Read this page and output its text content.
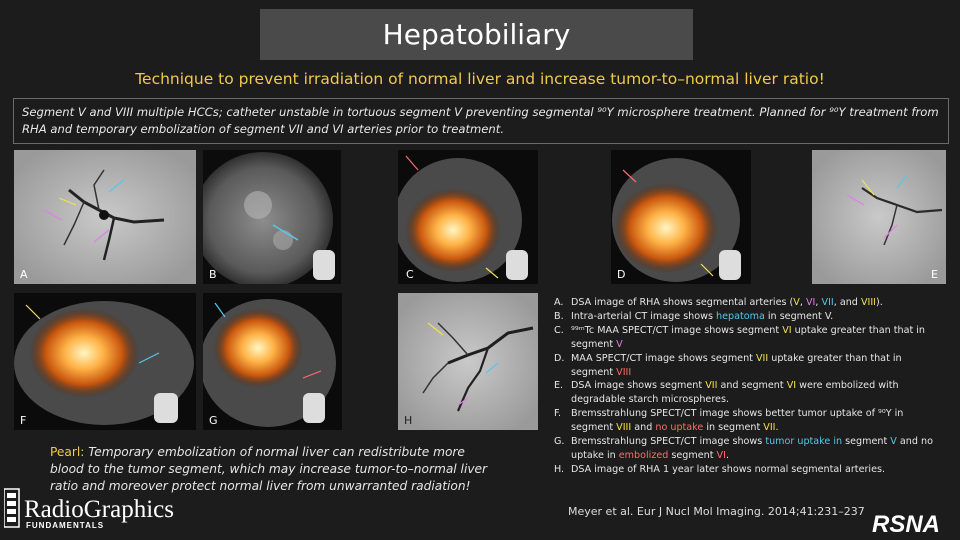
Hepatobiliary
Technique to prevent irradiation of normal liver and increase tumor-to–normal liver ratio!
Segment V and VIII multiple HCCs; catheter unstable in tortuous segment V preventing segmental ⁹⁰Y microsphere treatment. Planned for ⁹⁰Y treatment from RHA and temporary embolization of segment VII and VI arteries prior to treatment.
A	B	C	D	E
F	G	H
Pearl: Temporary embolization of normal liver can redistribute more blood to the tumor segment, which may increase tumor-to–normal liver ratio and moreover protect normal liver from unwarranted radiation!
A. DSA image of RHA shows segmental arteries (V, VI, VII, and VIII).
B. Intra-arterial CT image shows hepatoma in segment V.
C. ⁹⁹ᵐTc MAA SPECT/CT image shows segment VI uptake greater than that in segment V
D. MAA SPECT/CT image shows segment VII uptake greater than that in segment VIII
E. DSA image shows segment VII and segment VI were embolized with degradable starch microspheres.
F.	Bremsstrahlung SPECT/CT image shows better tumor uptake of ⁹⁰Y in segment VIII and no uptake in segment VII.
G. Bremsstrahlung SPECT/CT image shows tumor uptake in segment V and no uptake in embolized segment VI.
H. DSA image of RHA 1 year later shows normal segmental arteries.
Meyer et al. Eur J Nucl Mol Imaging. 2014;41:231–237
RadioGraphics
FUNDAMENTALS	RSNA
